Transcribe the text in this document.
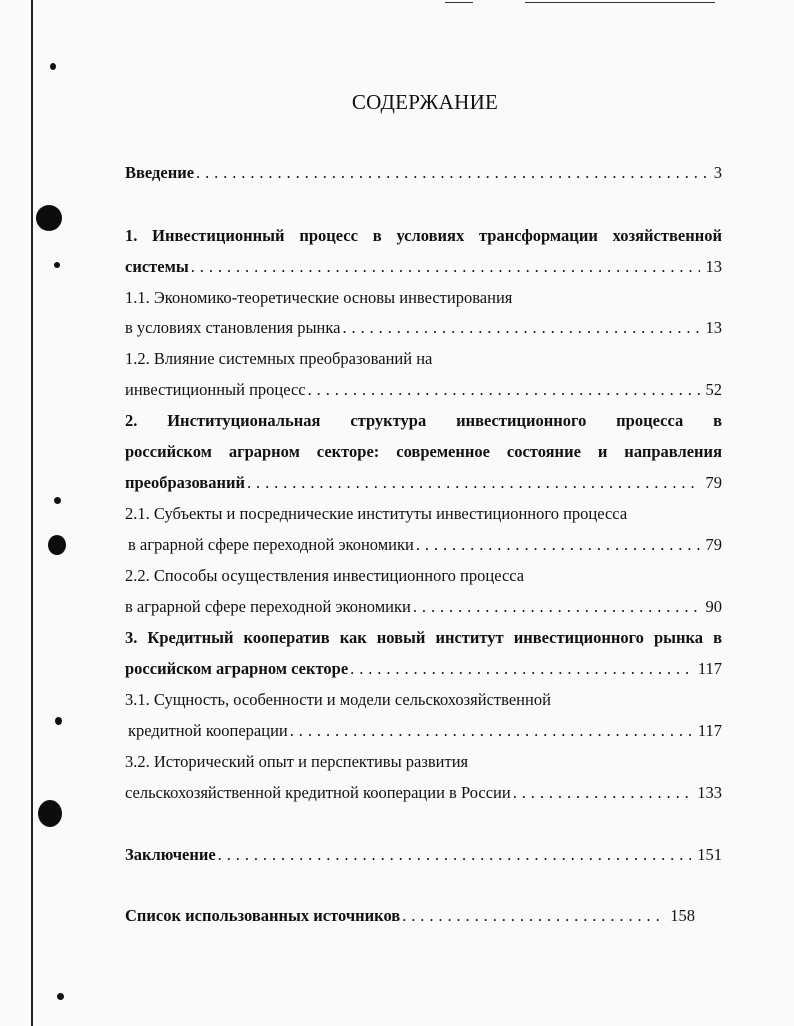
СОДЕРЖАНИЕ
Введение . . .	3
1. Инвестиционный процесс в условиях трансформации хозяйственной
системы . . .	13
1.1. Экономико-теоретические основы инвестирования
в условиях становления рынка . . .	13
1.2. Влияние системных преобразований на
инвестиционный процесс . . .	52
2. Институциональная структура инвестиционного процесса в
российском аграрном секторе: современное состояние и направления
преобразований . . .	79
2.1. Субъекты и посреднические институты инвестиционного процесса
в аграрной сфере переходной экономики . . .	79
2.2. Способы осуществления инвестиционного процесса
в аграрной сфере переходной экономики . . .	90
3. Кредитный кооператив как новый институт инвестиционного рынка в
российском аграрном секторе . . .	117
3.1. Сущность, особенности и модели сельскохозяйственной
кредитной кооперации . . .	117
3.2. Исторический опыт и перспективы развития
сельскохозяйственной кредитной кооперации в России . . .	133
Заключение . . .	151
Список использованных источников . . .	158
